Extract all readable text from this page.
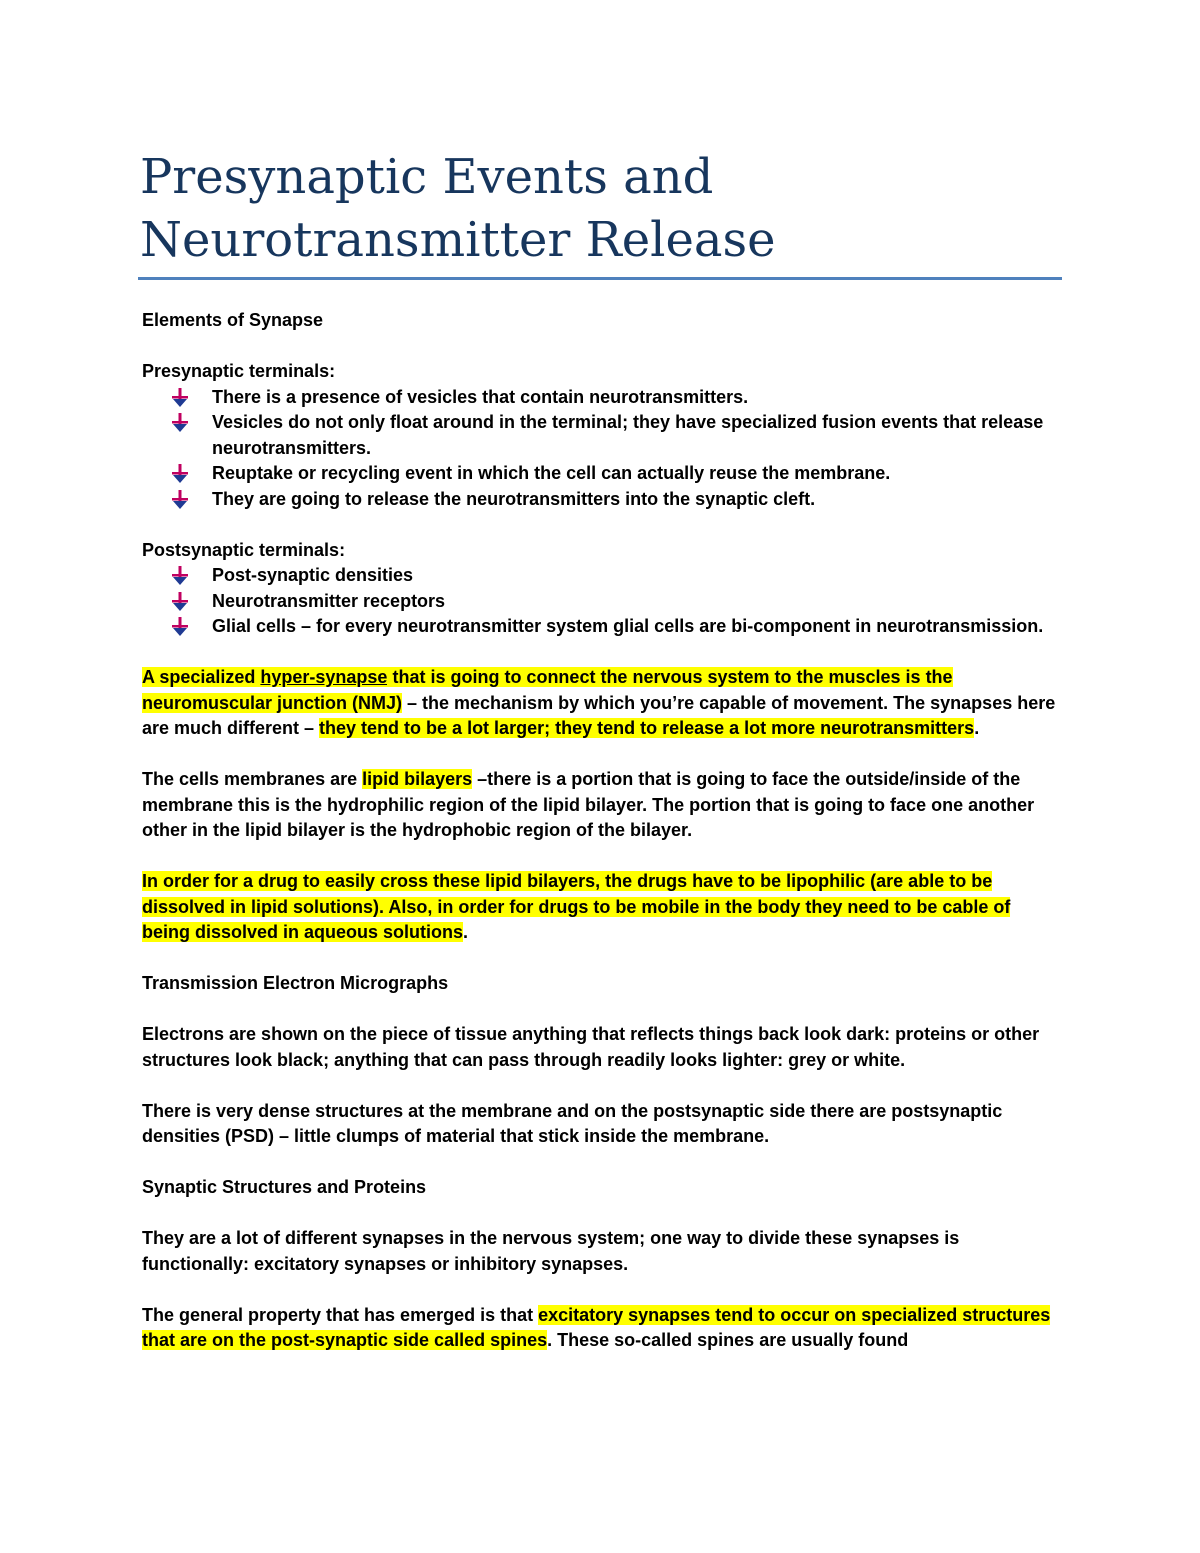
Presynaptic Events and
Neurotransmitter Release

Elements of Synapse

Presynaptic terminals:

There is a presence of vesicles that contain neurotransmitters.
Vesicles do not only float around in the terminal; they have specialized fusion events that release neurotransmitters.
Reuptake or recycling event in which the cell can actually reuse the membrane.
They are going to release the neurotransmitters into the synaptic cleft.

Postsynaptic terminals:

Post-synaptic densities
Neurotransmitter receptors
Glial cells – for every neurotransmitter system glial cells are bi-component in neurotransmission.

A specialized hyper-synapse that is going to connect the nervous system to the muscles is the neuromuscular junction (NMJ) – the mechanism by which you’re capable of movement. The synapses here are much different – they tend to be a lot larger; they tend to release a lot more neurotransmitters.

The cells membranes are lipid bilayers –there is a portion that is going to face the outside/inside of the membrane this is the hydrophilic region of the lipid bilayer. The portion that is going to face one another other in the lipid bilayer is the hydrophobic region of the bilayer.

In order for a drug to easily cross these lipid bilayers, the drugs have to be lipophilic (are able to be dissolved in lipid solutions). Also, in order for drugs to be mobile in the body they need to be cable of being dissolved in aqueous solutions.

Transmission Electron Micrographs

Electrons are shown on the piece of tissue anything that reflects things back look dark: proteins or other structures look black; anything that can pass through readily looks lighter: grey or white.

There is very dense structures at the membrane and on the postsynaptic side there are postsynaptic densities (PSD) – little clumps of material that stick inside the membrane.

Synaptic Structures and Proteins

They are a lot of different synapses in the nervous system; one way to divide these synapses is functionally: excitatory synapses or inhibitory synapses.

The general property that has emerged is that excitatory synapses tend to occur on specialized structures that are on the post-synaptic side called spines. These so-called spines are usually found
